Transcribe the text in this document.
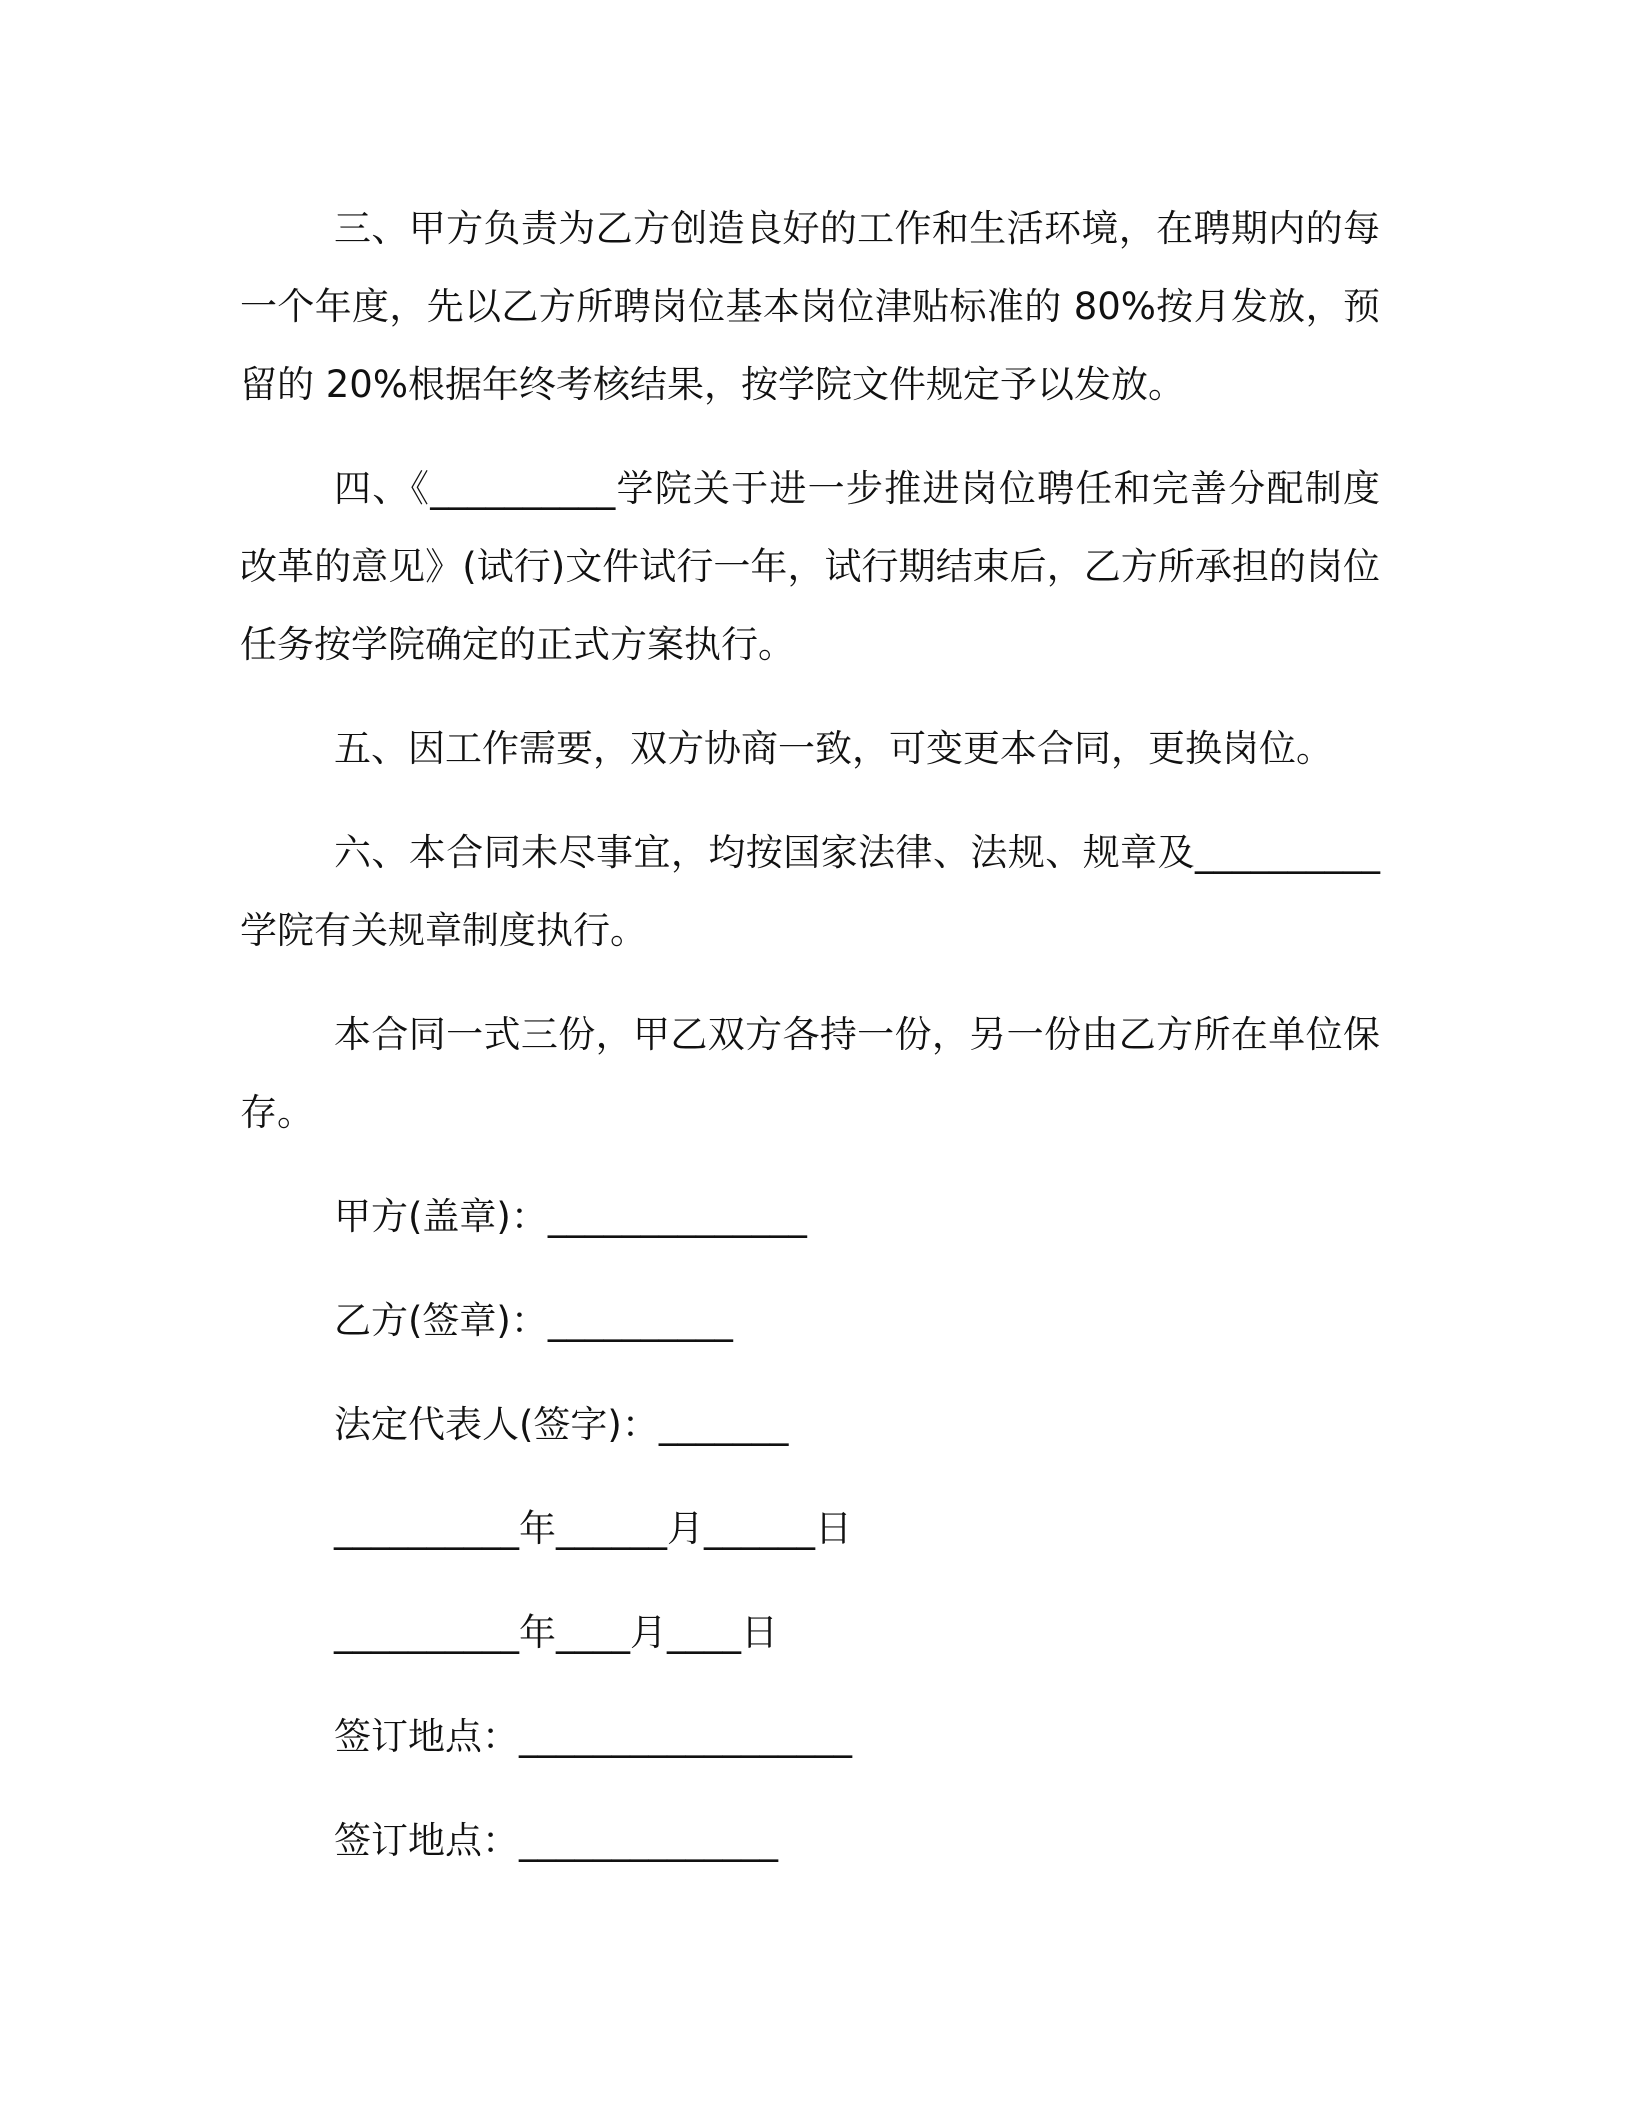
三、甲方负责为乙方创造良好的工作和生活环境，在聘期内的每一个年度，先以乙方所聘岗位基本岗位津贴标准的 80%按月发放，预留的 20%根据年终考核结果，按学院文件规定予以发放。

四、《__________学院关于进一步推进岗位聘任和完善分配制度改革的意见》(试行)文件试行一年，试行期结束后，乙方所承担的岗位任务按学院确定的正式方案执行。

五、因工作需要，双方协商一致，可变更本合同，更换岗位。

六、本合同未尽事宜，均按国家法律、法规、规章及__________学院有关规章制度执行。

本合同一式三份，甲乙双方各持一份，另一份由乙方所在单位保存。

甲方(盖章)：______________
乙方(签章)：__________
法定代表人(签字)：_______
__________年______月______日
__________年____月____日
签订地点：__________________
签订地点：______________
